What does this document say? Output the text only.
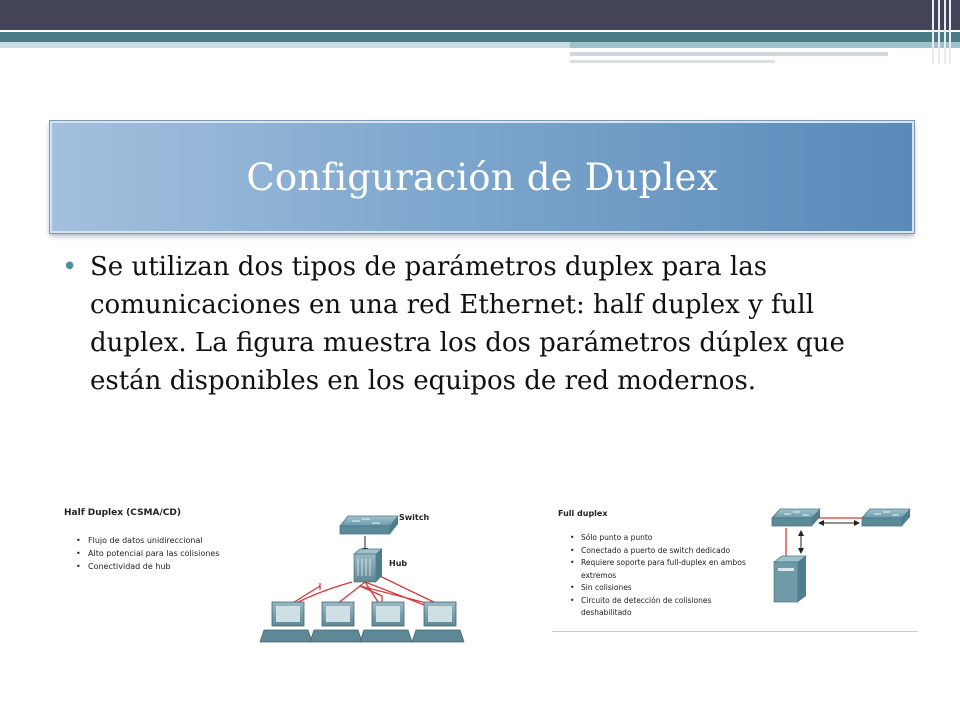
Configuración de Duplex
• Se utilizan dos tipos de parámetros duplex para las comunicaciones en una red Ethernet: half duplex y full duplex. La figura muestra los dos parámetros dúplex que están disponibles en los equipos de red modernos.

Half Duplex (CSMA/CD)
• Flujo de datos unidireccional
• Alto potencial para las colisiones
• Conectividad de hub
Switch
Hub
Full duplex
• Sólo punto a punto
• Conectado a puerto de switch dedicado
• Requiere soporte para full-duplex en ambos extremos
• Sin colisiones
• Circuito de detección de colisiones deshabilitado
